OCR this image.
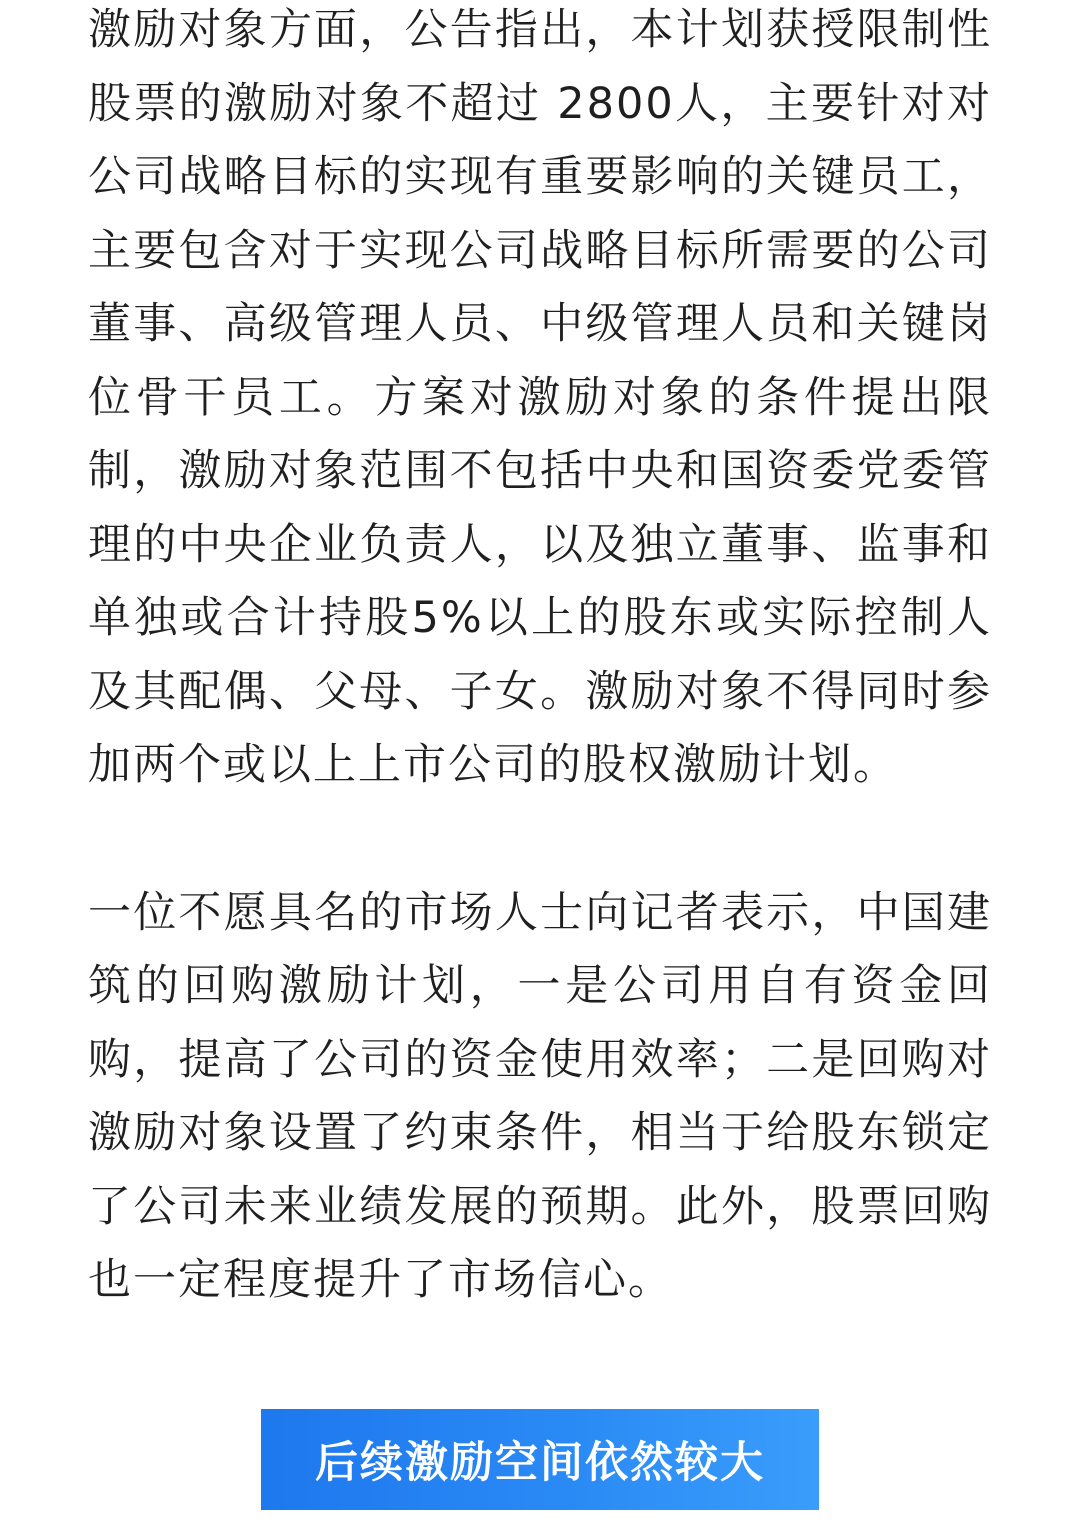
激励对象方面，公告指出，本计划获授限制性股票的激励对象不超过 2800人，主要针对对公司战略目标的实现有重要影响的关键员工，主要包含对于实现公司战略目标所需要的公司董事、高级管理人员、中级管理人员和关键岗位骨干员工。方案对激励对象的条件提出限制，激励对象范围不包括中央和国资委党委管理的中央企业负责人，以及独立董事、监事和单独或合计持股5%以上的股东或实际控制人及其配偶、父母、子女。激励对象不得同时参加两个或以上上市公司的股权激励计划。

一位不愿具名的市场人士向记者表示，中国建筑的回购激励计划，一是公司用自有资金回购，提高了公司的资金使用效率；二是回购对激励对象设置了约束条件，相当于给股东锁定了公司未来业绩发展的预期。此外，股票回购也一定程度提升了市场信心。

后续激励空间依然较大
